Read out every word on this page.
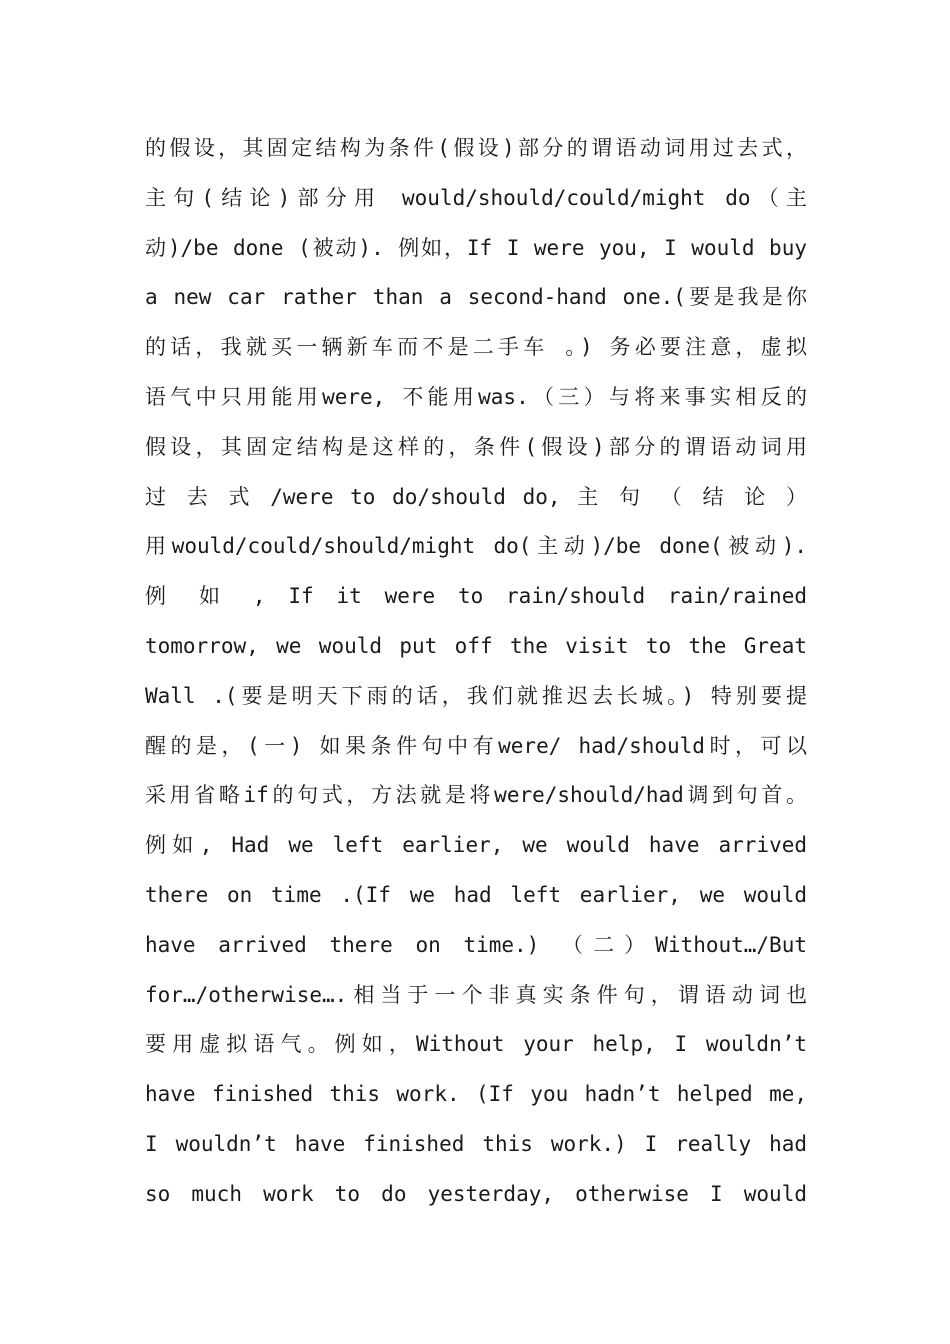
的假设，其固定结构为条件(假设)部分的谓语动词用过去式，
主句(结论)部分用 would/should/could/might do（主
动)/be done (被动). 例如，If I were you, I would buy
a new car rather than a second-hand one.(要是我是你
的话，我就买一辆新车而不是二手车 。) 务必要注意，虚拟
语气中只用能用were, 不能用was.（三）与将来事实相反的
假设，其固定结构是这样的，条件(假设)部分的谓语动词用
过 去 式 /were to do/should do, 主 句 （ 结 论 ）
用would/could/should/might do(主动)/be done(被动).
例 如 , If it were to rain/should rain/rained
tomorrow, we would put off the visit to the Great
Wall .(要是明天下雨的话，我们就推迟去长城。) 特别要提
醒的是，(一) 如果条件句中有were/ had/should时，可以
采用省略if的句式，方法就是将were/should/had调到句首。
例如, Had we left earlier, we would have arrived
there on time .(If we had left earlier, we would
have arrived there on time.) （二）Without…/But
for…/otherwise….相当于一个非真实条件句，谓语动词也
要用虚拟语气。例如，Without your help, I wouldn’t
have finished this work. (If you hadn’t helped me,
I wouldn’t have finished this work.) I really had
so much work to do yesterday, otherwise I would
